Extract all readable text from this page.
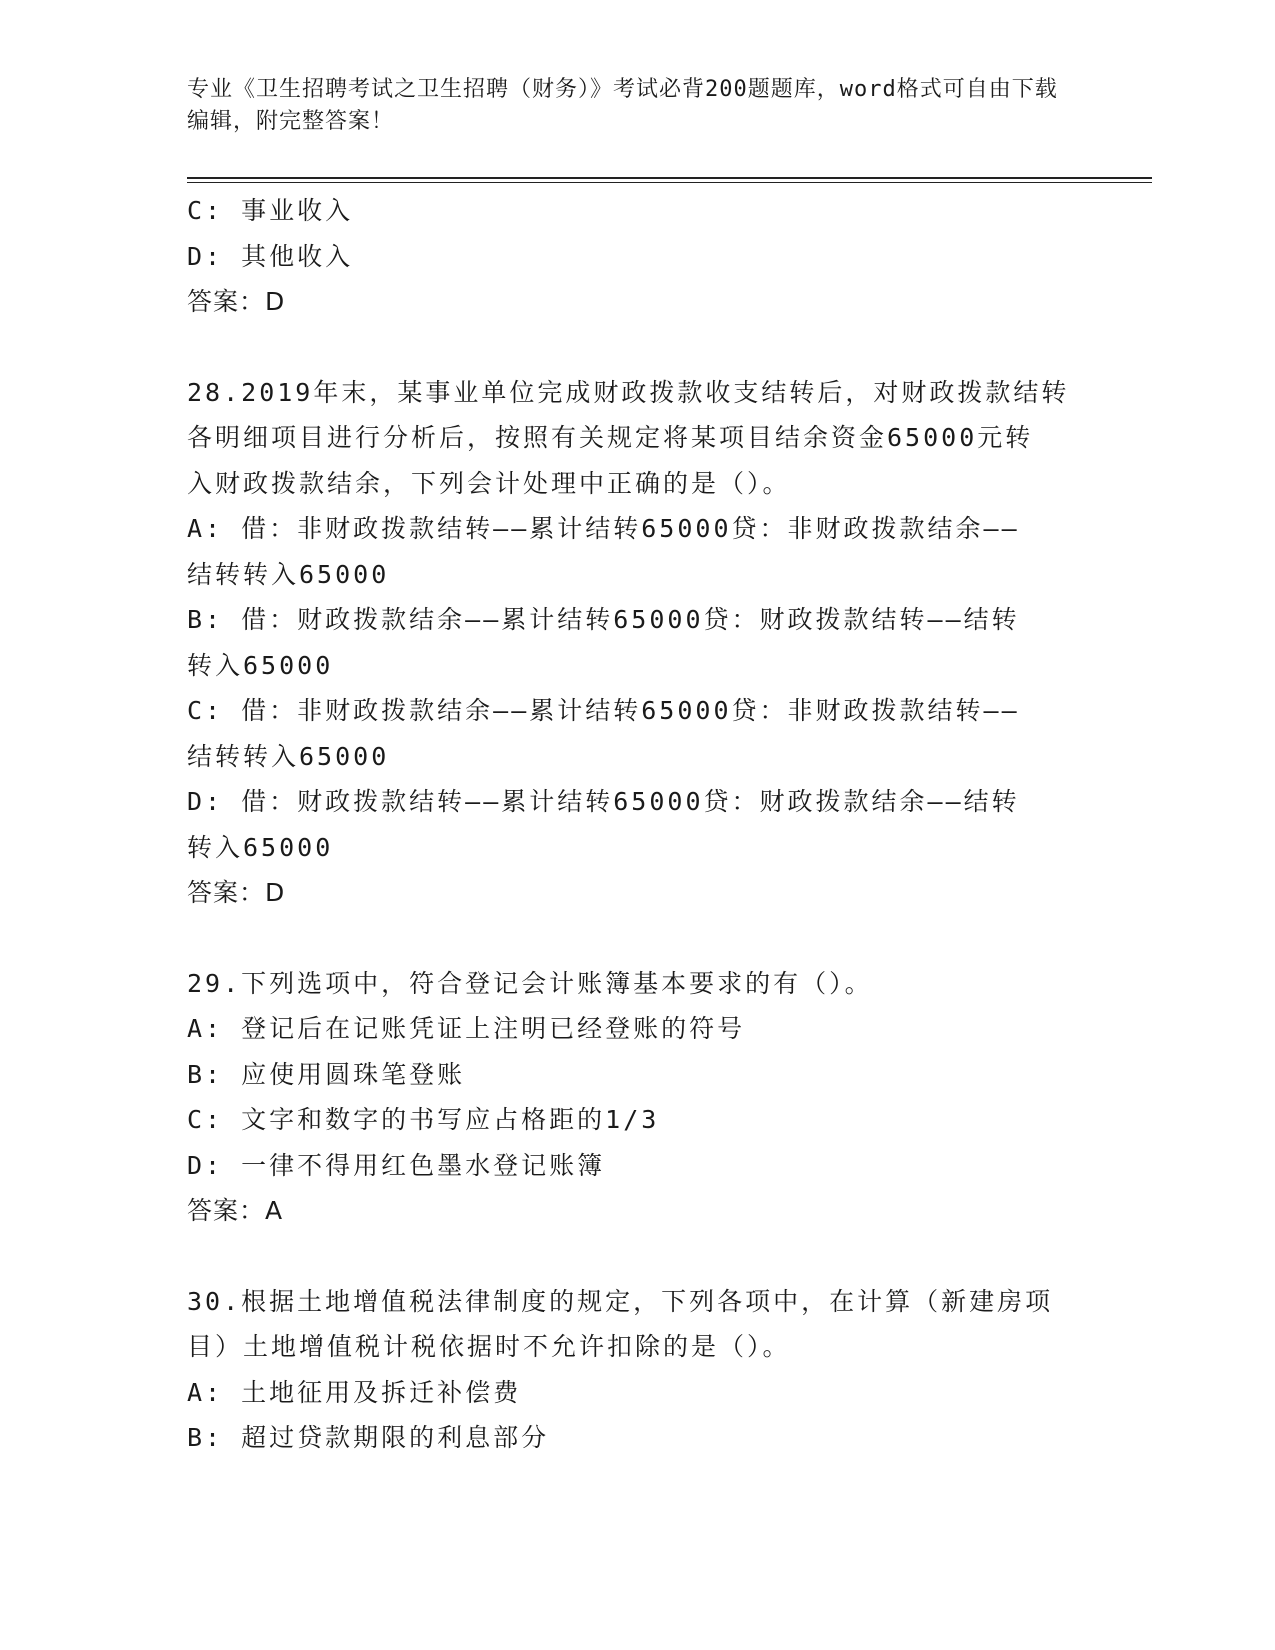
专业《卫生招聘考试之卫生招聘（财务）》考试必背200题题库，word格式可自由下载编辑，附完整答案！
C: 事业收入
D: 其他收入
答案：D
28.2019年末，某事业单位完成财政拨款收支结转后，对财政拨款结转
各明细项目进行分析后，按照有关规定将某项目结余资金65000元转
入财政拨款结余，下列会计处理中正确的是（）。
A: 借：非财政拨款结转——累计结转65000贷：非财政拨款结余——
结转转入65000
B: 借：财政拨款结余——累计结转65000贷：财政拨款结转——结转
转入65000
C: 借：非财政拨款结余——累计结转65000贷：非财政拨款结转——
结转转入65000
D: 借：财政拨款结转——累计结转65000贷：财政拨款结余——结转
转入65000
答案：D
29.下列选项中，符合登记会计账簿基本要求的有（）。
A: 登记后在记账凭证上注明已经登账的符号
B: 应使用圆珠笔登账
C: 文字和数字的书写应占格距的1/3
D: 一律不得用红色墨水登记账簿
答案：A
30.根据土地增值税法律制度的规定，下列各项中，在计算（新建房项
目）土地增值税计税依据时不允许扣除的是（）。
A: 土地征用及拆迁补偿费
B: 超过贷款期限的利息部分
